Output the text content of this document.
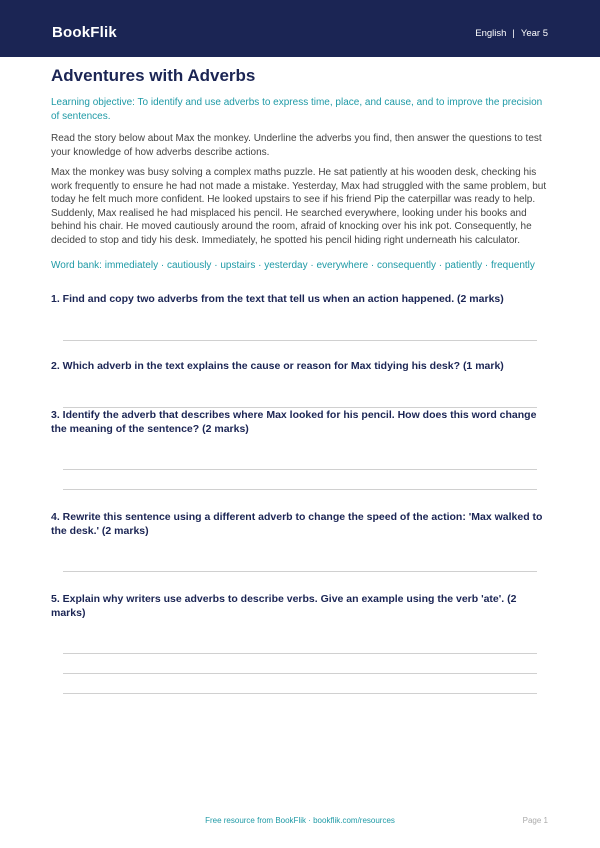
BookFlik	English | Year 5
Adventures with Adverbs
Learning objective: To identify and use adverbs to express time, place, and cause, and to improve the precision of sentences.
Read the story below about Max the monkey. Underline the adverbs you find, then answer the questions to test your knowledge of how adverbs describe actions.
Max the monkey was busy solving a complex maths puzzle. He sat patiently at his wooden desk, checking his work frequently to ensure he had not made a mistake. Yesterday, Max had struggled with the same problem, but today he felt much more confident. He looked upstairs to see if his friend Pip the caterpillar was ready to help. Suddenly, Max realised he had misplaced his pencil. He searched everywhere, looking under his books and behind his chair. He moved cautiously around the room, afraid of knocking over his ink pot. Consequently, he decided to stop and tidy his desk. Immediately, he spotted his pencil hiding right underneath his calculator.
Word bank: immediately · cautiously · upstairs · yesterday · everywhere · consequently · patiently · frequently
1. Find and copy two adverbs from the text that tell us when an action happened. (2 marks)
2. Which adverb in the text explains the cause or reason for Max tidying his desk? (1 mark)
3. Identify the adverb that describes where Max looked for his pencil. How does this word change the meaning of the sentence? (2 marks)
4. Rewrite this sentence using a different adverb to change the speed of the action: 'Max walked to the desk.' (2 marks)
5. Explain why writers use adverbs to describe verbs. Give an example using the verb 'ate'. (2 marks)
Free resource from BookFlik · bookflik.com/resources	Page 1
